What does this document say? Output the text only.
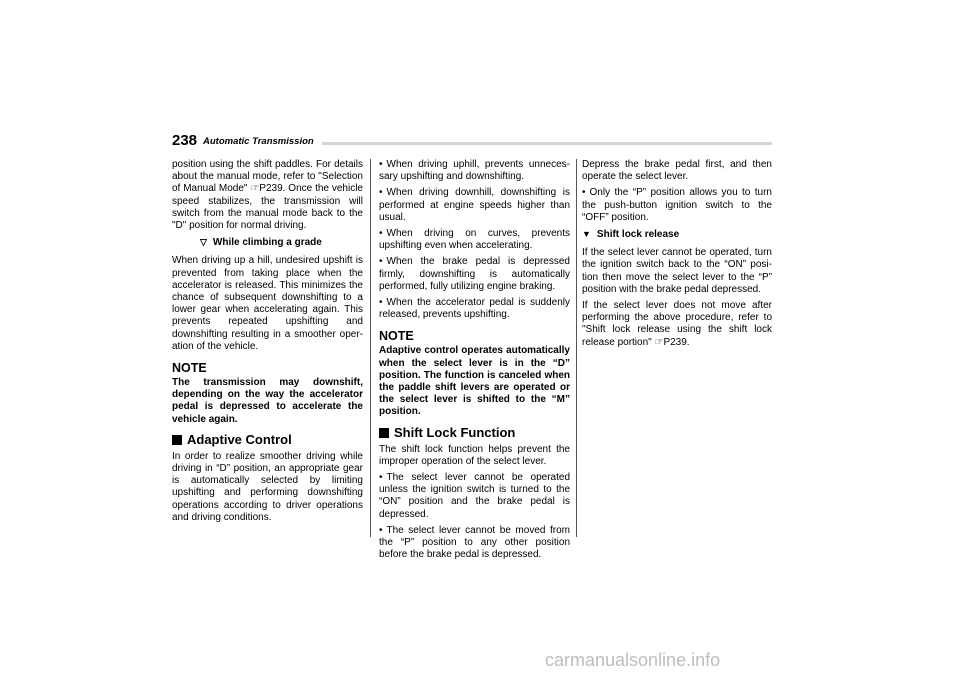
238 Automatic Transmission

position using the shift paddles. For details about the manual mode, refer to "Selection of Manual Mode" ☞P239. Once the vehicle speed stabilizes, the transmission will switch from the manual mode back to the "D" position for normal driving.

▽ While climbing a grade

When driving up a hill, undesired upshift is prevented from taking place when the accelerator is released. This minimizes the chance of subsequent downshifting to a lower gear when accelerating again. This prevents repeated upshifting and downshifting resulting in a smoother operation of the vehicle.

NOTE

The transmission may downshift, depending on the way the accelerator pedal is depressed to accelerate the vehicle again.

Adaptive Control

In order to realize smoother driving while driving in “D” position, an appropriate gear is automatically selected by limiting upshifting and performing downshifting operations according to driver operations and driving conditions.

• When driving uphill, prevents unnecessary upshifting and downshifting.

• When driving downhill, downshifting is performed at engine speeds higher than usual.

• When driving on curves, prevents upshifting even when accelerating.

• When the brake pedal is depressed firmly, downshifting is automatically performed, fully utilizing engine braking.

• When the accelerator pedal is suddenly released, prevents upshifting.

NOTE

Adaptive control operates automatically when the select lever is in the “D” position. The function is canceled when the paddle shift levers are operated or the select lever is shifted to the “M” position.

Shift Lock Function

The shift lock function helps prevent the improper operation of the select lever.

• The select lever cannot be operated unless the ignition switch is turned to the “ON” position and the brake pedal is depressed.

• The select lever cannot be moved from the “P” position to any other position before the brake pedal is depressed.

Depress the brake pedal first, and then operate the select lever.

• Only the “P” position allows you to turn the push-button ignition switch to the “OFF” position.

▼ Shift lock release

If the select lever cannot be operated, turn the ignition switch back to the “ON” position then move the select lever to the “P” position with the brake pedal depressed.

If the select lever does not move after performing the above procedure, refer to "Shift lock release using the shift lock release portion" ☞P239.

carmanualsonline.info
